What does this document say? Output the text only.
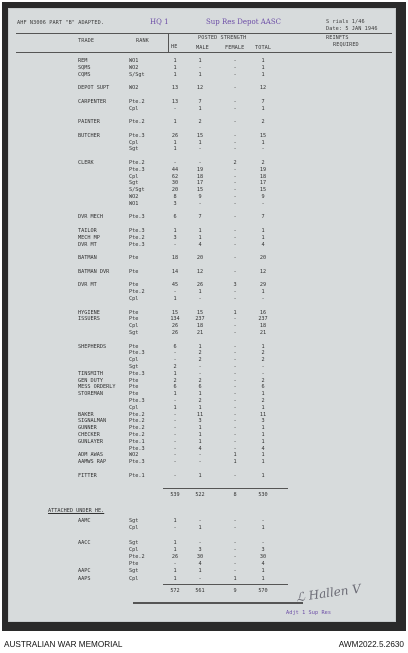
AHF N3006 PART "B" ADAPTED.	HQ 1	Sup Res Depot AASC	S rials 1/46
Date: 5 JAN 1946
TRADE	RANK
HE
POSTED STRENGTH
MALE	FEMALE TOTAL
REINFTS
REQUIRED
REM	WO1	1	1	-	1
SQMS	WO2	1	-	-	1
CQMS	S/Sgt	1	1	-	1
DEPOT SUPT	WO2	13	12	-	12
CARPENTER	Pte.2	13	7	-	7
Cpl	-	1	-	1
PAINTER	Pte.2	1	2	-	2
BUTCHER	Pte.3	26	15	-	15
Cpl	1	1	-	1
Sgt	1	-	-	-
CLERK	Pte.2	-	-	2	2
Pte.3	44	19	-	19
Cpl	62	18	-	18
Sgt	30	17	-	17
S/Sgt	20	15	-	15
WO2	8	9	-	9
WO1	3	-	-	-
DVR MECH	Pte.3	6	7	-	7
TAILOR	Pte.3	1	1	-	1
MECH MP	Pte.2	3	1	-	1
DVR MT	Pte.3	-	4	-	4
BATMAN	Pte	18	20	-	20
BATMAN DVR	Pte	14	12	-	12
DVR MT	Pte	45	26	3	29
Pte.2	-	1	-	1
Cpl	1	-	-	-
HYGIENE	Pte	15	15	1	16
ISSUERS	Pte	134	237	-	237
Cpl	26	18	-	18
Sgt	26	21	-	21
SHEPHERDS	Pte	6	1	-	1
Pte.3	-	2	-	2
Cpl	-	2	-	2
Sgt	2	-	-	-
TINSMITH	Pte.3	1	-	-	-
GEN DUTY	Pte	2	2	-	2
MESS ORDERLY	Pte	6	6	-	6
STOREMAN	Pte	1	1	-	1
Pte.3	-	2	-	2
Cpl	1	1	-	1
BAKER	Pte.2	-	11	-	11
SIGNALMAN	Pte.2	-	3	-	3
GUNNER	Pte.2	-	1	-	1
CHECKER	Pte.2	-	1	-	1
GUNLAYER	Pte.1	-	1	-	1
Pte.3	-	4	-	4
ADM AWAS	WO2	-	-	1	1
AAMWS RAP	Pte.3	-	-	1	1
FITTER	Pte.1	-	1	-	1
539	522	8	530
ATTACHED UNDER HE.
AAMC	Sgt	1	-	-	-
Cpl	-	1	-	1
AACC	Sgt	1	-	-	-
Cpl	1	3	-	3
Pte.2	26	30	-	30
Pte	-	4	-	4
AAPC	Sgt	1	1	-	1
AAPS	Cpl	1	-	1	1
572	561	9	570 ℒ Hallen V
Adjt 1 Sup Res
AUSTRALIAN WAR MEMORIAL	AWM2022.5.2630
